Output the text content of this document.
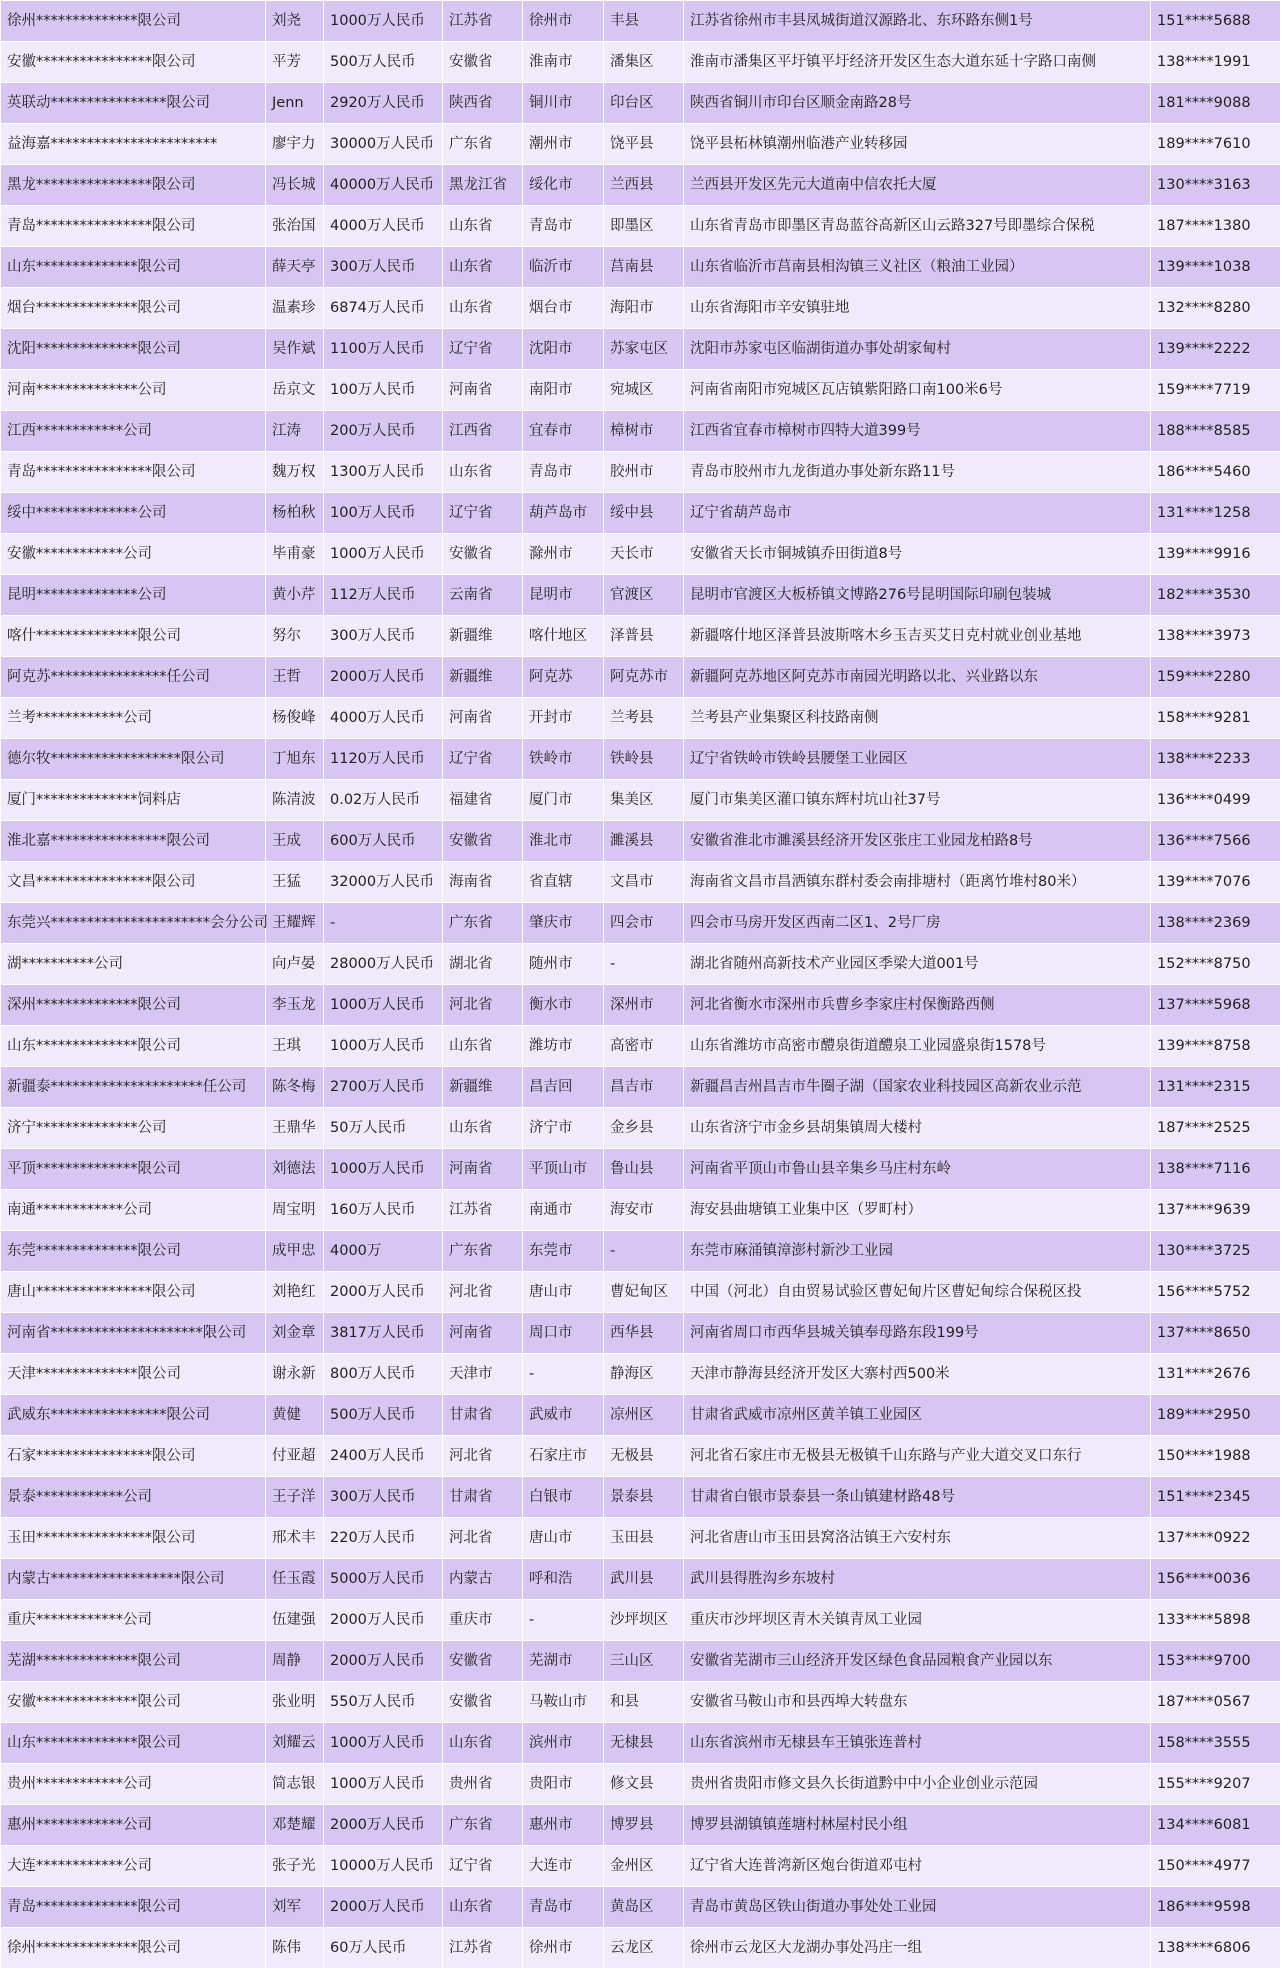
徐州**************限公司	刘尧	1000万人民币	江苏省	徐州市	丰县	江苏省徐州市丰县凤城街道汉源路北、东环路东侧1号	151****5688
安徽****************限公司	平芳	500万人民币	安徽省	淮南市	潘集区	淮南市潘集区平圩镇平圩经济开发区生态大道东延十字路口南侧	138****1991
英联动****************限公司	Jenn	2920万人民币	陕西省	铜川市	印台区	陕西省铜川市印台区顺金南路28号	181****9088
益海嘉***********************	廖宇力	30000万人民币	广东省	潮州市	饶平县	饶平县柘林镇潮州临港产业转移园	189****7610
黑龙****************限公司	冯长城	40000万人民币	黑龙江省	绥化市	兰西县	兰西县开发区先元大道南中信农托大厦	130****3163
青岛****************限公司	张治国	4000万人民币	山东省	青岛市	即墨区	山东省青岛市即墨区青岛蓝谷高新区山云路327号即墨综合保税	187****1380
山东**************限公司	薛天亭	300万人民币	山东省	临沂市	莒南县	山东省临沂市莒南县相沟镇三义社区（粮油工业园）	139****1038
烟台**************限公司	温素珍	6874万人民币	山东省	烟台市	海阳市	山东省海阳市辛安镇驻地	132****8280
沈阳**************限公司	吴作斌	1100万人民币	辽宁省	沈阳市	苏家屯区	沈阳市苏家屯区临湖街道办事处胡家甸村	139****2222
河南**************公司	岳京文	100万人民币	河南省	南阳市	宛城区	河南省南阳市宛城区瓦店镇紫阳路口南100米6号	159****7719
江西************公司	江涛	200万人民币	江西省	宜春市	樟树市	江西省宜春市樟树市四特大道399号	188****8585
青岛****************限公司	魏万权	1300万人民币	山东省	青岛市	胶州市	青岛市胶州市九龙街道办事处新东路11号	186****5460
绥中**************公司	杨柏秋	100万人民币	辽宁省	葫芦岛市	绥中县	辽宁省葫芦岛市	131****1258
安徽************公司	毕甫豪	1000万人民币	安徽省	滁州市	天长市	安徽省天长市铜城镇乔田街道8号	139****9916
昆明**************公司	黄小芹	112万人民币	云南省	昆明市	官渡区	昆明市官渡区大板桥镇文博路276号昆明国际印刷包装城	182****3530
喀什**************限公司	努尔	300万人民币	新疆维	喀什地区	泽普县	新疆喀什地区泽普县波斯喀木乡玉吉买艾日克村就业创业基地	138****3973
阿克苏****************任公司	王哲	2000万人民币	新疆维	阿克苏	阿克苏市	新疆阿克苏地区阿克苏市南园光明路以北、兴业路以东	159****2280
兰考************公司	杨俊峰	4000万人民币	河南省	开封市	兰考县	兰考县产业集聚区科技路南侧	158****9281
德尔牧******************限公司	丁旭东	1120万人民币	辽宁省	铁岭市	铁岭县	辽宁省铁岭市铁岭县腰堡工业园区	138****2233
厦门**************饲料店	陈清波	0.02万人民币	福建省	厦门市	集美区	厦门市集美区灌口镇东辉村坑山社37号	136****0499
淮北嘉****************限公司	王成	600万人民币	安徽省	淮北市	濉溪县	安徽省淮北市濉溪县经济开发区张庄工业园龙柏路8号	136****7566
文昌****************限公司	王猛	32000万人民币	海南省	省直辖	文昌市	海南省文昌市昌洒镇东群村委会南排塘村（距离竹堆村80米）	139****7076
东莞兴**********************会分公司	王耀辉	-	广东省	肇庆市	四会市	四会市马房开发区西南二区1、2号厂房	138****2369
湖**********公司	向卢晏	28000万人民币	湖北省	随州市	-	湖北省随州高新技术产业园区季梁大道001号	152****8750
深州**************限公司	李玉龙	1000万人民币	河北省	衡水市	深州市	河北省衡水市深州市兵曹乡李家庄村保衡路西侧	137****5968
山东**************限公司	王琪	1000万人民币	山东省	潍坊市	高密市	山东省潍坊市高密市醴泉街道醴泉工业园盛泉街1578号	139****8758
新疆泰*********************任公司	陈冬梅	2700万人民币	新疆维	昌吉回	昌吉市	新疆昌吉州昌吉市牛圈子湖（国家农业科技园区高新农业示范	131****2315
济宁**************公司	王鼎华	50万人民币	山东省	济宁市	金乡县	山东省济宁市金乡县胡集镇周大楼村	187****2525
平顶**************限公司	刘德法	1000万人民币	河南省	平顶山市	鲁山县	河南省平顶山市鲁山县辛集乡马庄村东岭	138****7116
南通************公司	周宝明	160万人民币	江苏省	南通市	海安市	海安县曲塘镇工业集中区（罗町村）	137****9639
东莞**************限公司	成甲忠	4000万	广东省	东莞市	-	东莞市麻涌镇漳澎村新沙工业园	130****3725
唐山****************限公司	刘艳红	2000万人民币	河北省	唐山市	曹妃甸区	中国（河北）自由贸易试验区曹妃甸片区曹妃甸综合保税区投	156****5752
河南省*********************限公司	刘金章	3817万人民币	河南省	周口市	西华县	河南省周口市西华县城关镇奉母路东段199号	137****8650
天津**************限公司	谢永新	800万人民币	天津市	-	静海区	天津市静海县经济开发区大寨村西500米	131****2676
武威东****************限公司	黄健	500万人民币	甘肃省	武威市	凉州区	甘肃省武威市凉州区黄羊镇工业园区	189****2950
石家****************限公司	付亚超	2400万人民币	河北省	石家庄市	无极县	河北省石家庄市无极县无极镇千山东路与产业大道交叉口东行	150****1988
景泰************公司	王子洋	300万人民币	甘肃省	白银市	景泰县	甘肃省白银市景泰县一条山镇建材路48号	151****2345
玉田****************限公司	邢术丰	220万人民币	河北省	唐山市	玉田县	河北省唐山市玉田县窝洛沽镇王六安村东	137****0922
内蒙古******************限公司	任玉霞	5000万人民币	内蒙古	呼和浩	武川县	武川县得胜沟乡东坡村	156****0036
重庆************公司	伍建强	2000万人民币	重庆市	-	沙坪坝区	重庆市沙坪坝区青木关镇青凤工业园	133****5898
芜湖**************限公司	周静	2000万人民币	安徽省	芜湖市	三山区	安徽省芜湖市三山经济开发区绿色食品园粮食产业园以东	153****9700
安徽**************限公司	张业明	550万人民币	安徽省	马鞍山市	和县	安徽省马鞍山市和县西埠大转盘东	187****0567
山东**************限公司	刘耀云	1000万人民币	山东省	滨州市	无棣县	山东省滨州市无棣县车王镇张连普村	158****3555
贵州************公司	简志银	1000万人民币	贵州省	贵阳市	修文县	贵州省贵阳市修文县久长街道黔中中小企业创业示范园	155****9207
惠州************公司	邓楚耀	2000万人民币	广东省	惠州市	博罗县	博罗县湖镇镇莲塘村林屋村民小组	134****6081
大连************公司	张子光	10000万人民币	辽宁省	大连市	金州区	辽宁省大连普湾新区炮台街道邓屯村	150****4977
青岛**************限公司	刘军	2000万人民币	山东省	青岛市	黄岛区	青岛市黄岛区铁山街道办事处处工业园	186****9598
徐州**************限公司	陈伟	60万人民币	江苏省	徐州市	云龙区	徐州市云龙区大龙湖办事处冯庄一组	138****6806
